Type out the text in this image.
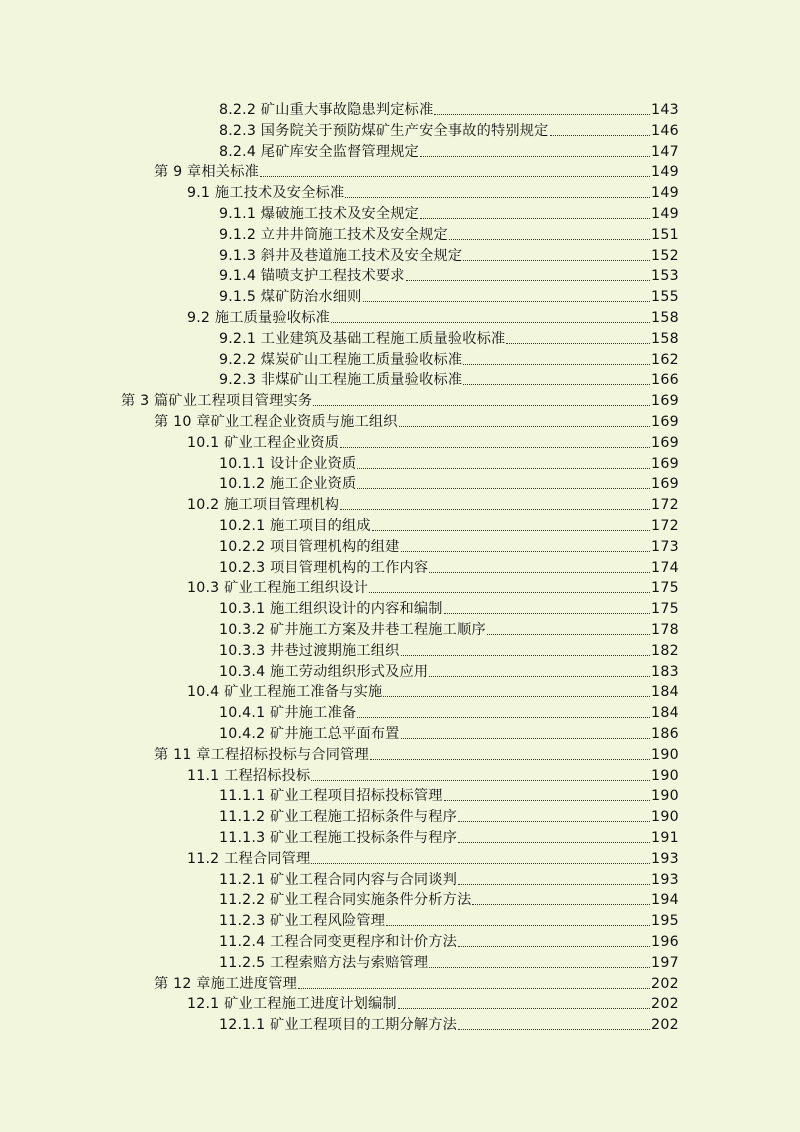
8.2.2 矿山重大事故隐患判定标准	143
8.2.3 国务院关于预防煤矿生产安全事故的特别规定	146
8.2.4 尾矿库安全监督管理规定	147
第 9 章相关标准	149
9.1 施工技术及安全标准	149
9.1.1 爆破施工技术及安全规定	149
9.1.2 立井井筒施工技术及安全规定	151
9.1.3 斜井及巷道施工技术及安全规定	152
9.1.4 锚喷支护工程技术要求	153
9.1.5 煤矿防治水细则	155
9.2 施工质量验收标准	158
9.2.1 工业建筑及基础工程施工质量验收标准	158
9.2.2 煤炭矿山工程施工质量验收标准	162
9.2.3 非煤矿山工程施工质量验收标准	166
第 3 篇矿业工程项目管理实务	169
第 10 章矿业工程企业资质与施工组织	169
10.1 矿业工程企业资质	169
10.1.1 设计企业资质	169
10.1.2 施工企业资质	169
10.2 施工项目管理机构	172
10.2.1 施工项目的组成	172
10.2.2 项目管理机构的组建	173
10.2.3 项目管理机构的工作内容	174
10.3 矿业工程施工组织设计	175
10.3.1 施工组织设计的内容和编制	175
10.3.2 矿井施工方案及井巷工程施工顺序	178
10.3.3 井巷过渡期施工组织	182
10.3.4 施工劳动组织形式及应用	183
10.4 矿业工程施工准备与实施	184
10.4.1 矿井施工准备	184
10.4.2 矿井施工总平面布置	186
第 11 章工程招标投标与合同管理	190
11.1 工程招标投标	190
11.1.1 矿业工程项目招标投标管理	190
11.1.2 矿业工程施工招标条件与程序	190
11.1.3 矿业工程施工投标条件与程序	191
11.2 工程合同管理	193
11.2.1 矿业工程合同内容与合同谈判	193
11.2.2 矿业工程合同实施条件分析方法	194
11.2.3 矿业工程风险管理	195
11.2.4 工程合同变更程序和计价方法	196
11.2.5 工程索赔方法与索赔管理	197
第 12 章施工进度管理	202
12.1 矿业工程施工进度计划编制	202
12.1.1 矿业工程项目的工期分解方法	202
